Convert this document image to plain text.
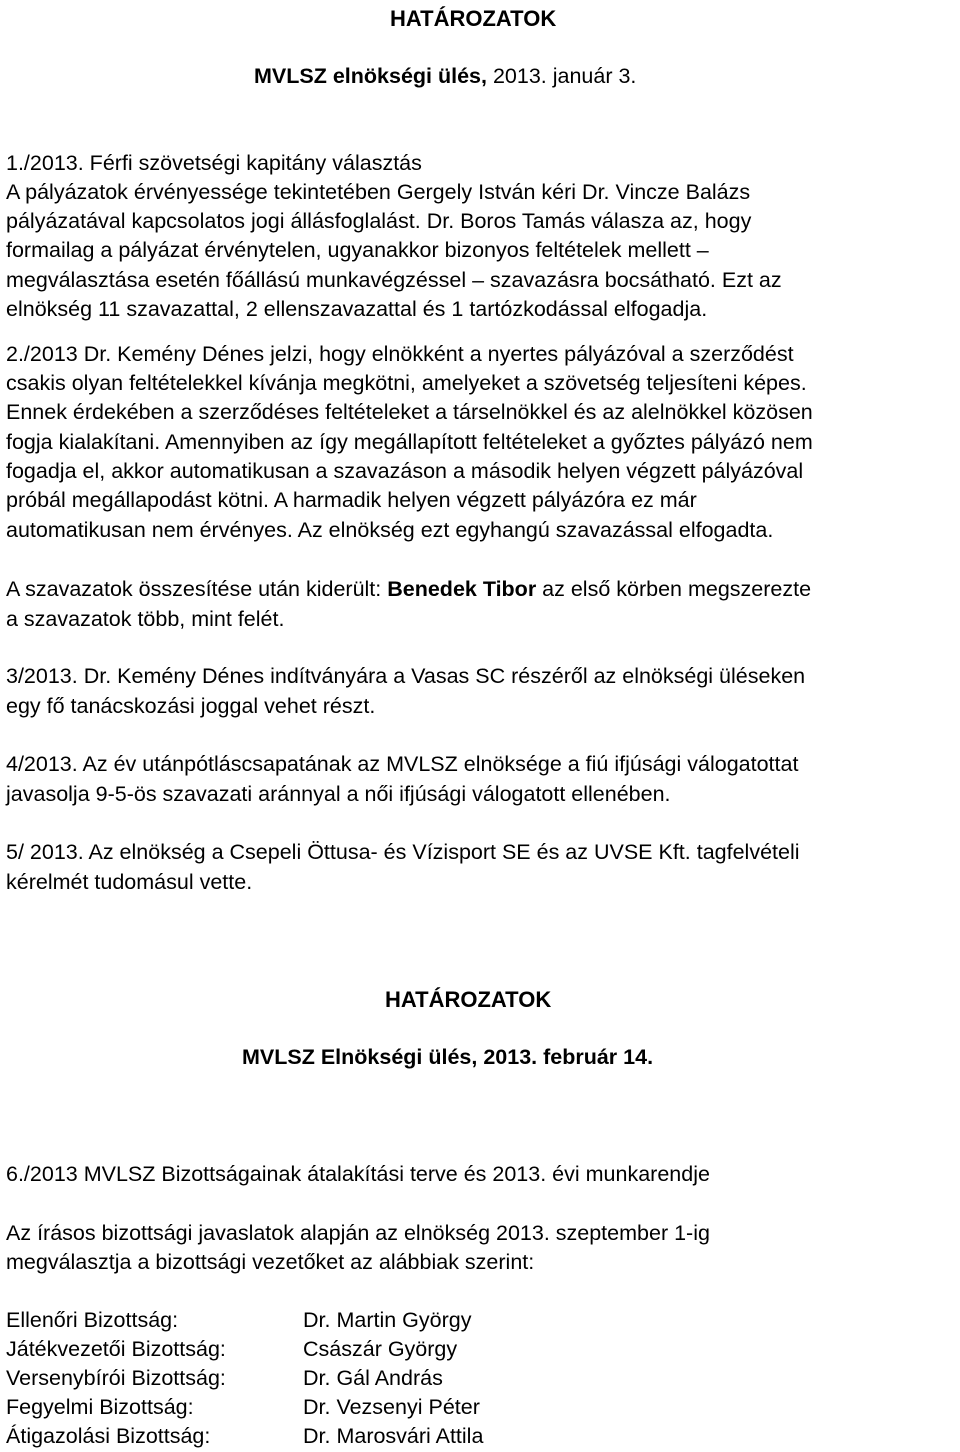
HATÁROZATOK
MVLSZ elnökségi ülés, 2013. január 3.
1./2013. Férfi szövetségi kapitány választás
A pályázatok érvényessége tekintetében Gergely István kéri Dr. Vincze Balázs
pályázatával kapcsolatos jogi állásfoglalást. Dr. Boros Tamás válasza az, hogy
formailag a pályázat érvénytelen, ugyanakkor bizonyos feltételek mellett –
megválasztása esetén főállású munkavégzéssel – szavazásra bocsátható. Ezt az
elnökség 11 szavazattal, 2 ellenszavazattal és 1 tartózkodással elfogadja.
2./2013 Dr. Kemény Dénes jelzi, hogy elnökként a nyertes pályázóval a szerződést
csakis olyan feltételekkel kívánja megkötni, amelyeket a szövetség teljesíteni képes.
Ennek érdekében a szerződéses feltételeket a társelnökkel és az alelnökkel közösen
fogja kialakítani. Amennyiben az így megállapított feltételeket a győztes pályázó nem
fogadja el, akkor automatikusan a szavazáson a második helyen végzett pályázóval
próbál megállapodást kötni. A harmadik helyen végzett pályázóra ez már
automatikusan nem érvényes. Az elnökség ezt egyhangú szavazással elfogadta.
A szavazatok összesítése után kiderült: Benedek Tibor az első körben megszerezte
a szavazatok több, mint felét.
3/2013. Dr. Kemény Dénes indítványára a Vasas SC részéről az elnökségi üléseken
egy fő tanácskozási joggal vehet részt.
4/2013. Az év utánpótláscsapatának az MVLSZ elnöksége a fiú ifjúsági válogatottat
javasolja 9-5-ös szavazati aránnyal a női ifjúsági válogatott ellenében.
5/ 2013. Az elnökség a Csepeli Öttusa- és Vízisport SE és az UVSE Kft. tagfelvételi
kérelmét tudomásul vette.
HATÁROZATOK
MVLSZ Elnökségi ülés, 2013. február 14.
6./2013 MVLSZ Bizottságainak átalakítási terve és 2013. évi munkarendje
Az írásos bizottsági javaslatok alapján az elnökség 2013. szeptember 1-ig
megválasztja a bizottsági vezetőket az alábbiak szerint:
Ellenőri Bizottság:	Dr. Martin György
Játékvezetői Bizottság:	Császár György
Versenybírói Bizottság:	Dr. Gál András
Fegyelmi Bizottság:	Dr. Vezsenyi Péter
Átigazolási Bizottság:	Dr. Marosvári Attila
